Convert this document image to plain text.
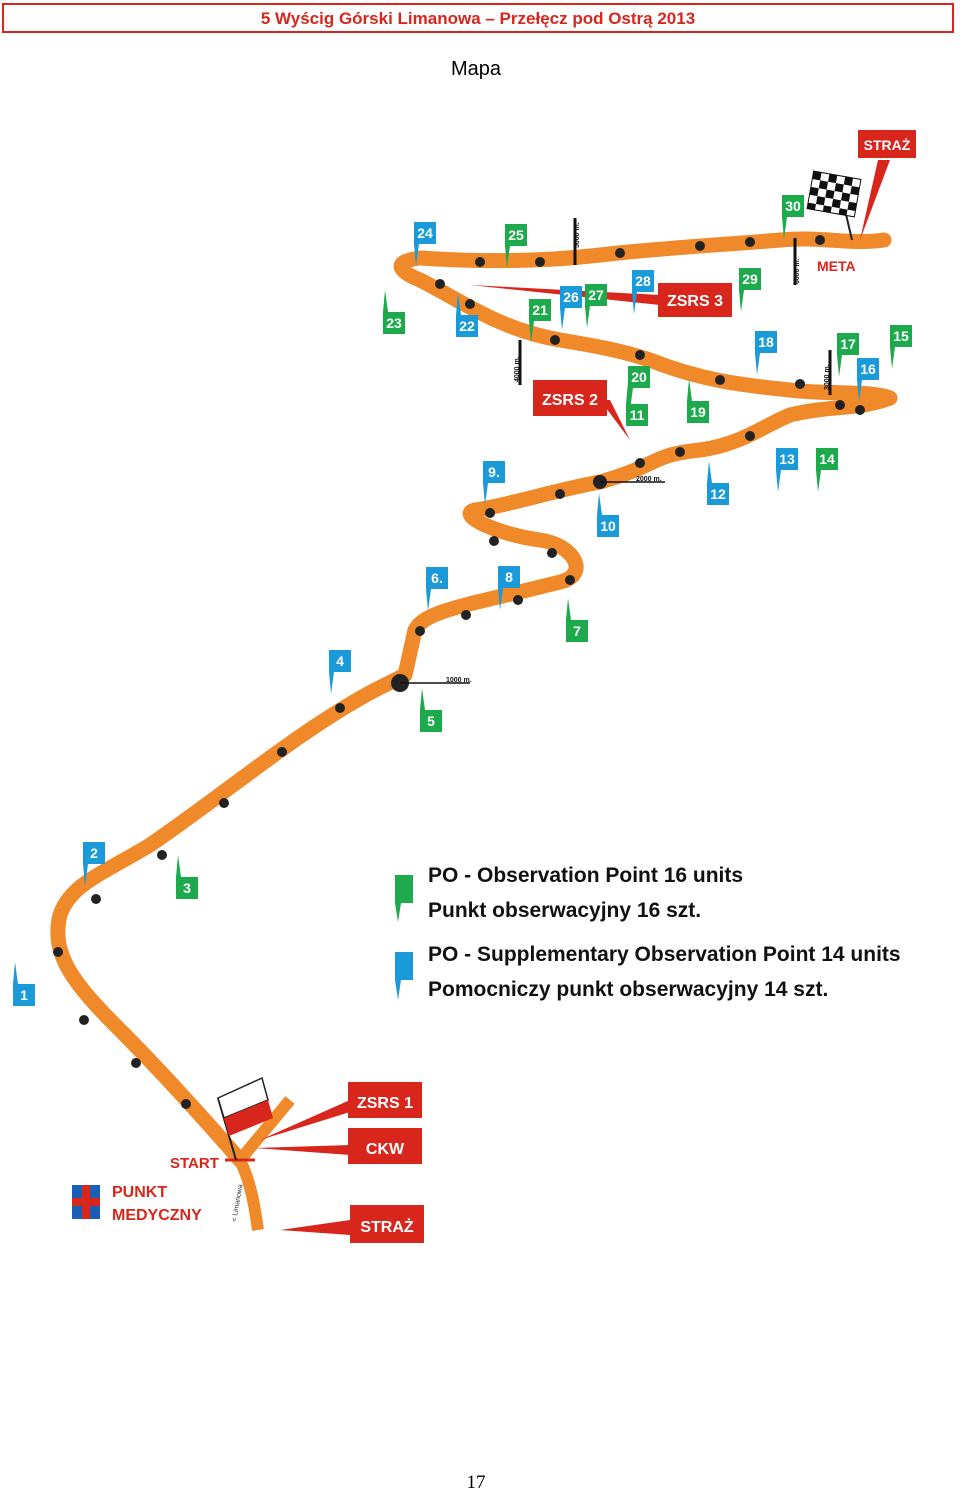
5 Wyścig Górski Limanowa – Przełęcz pod Ostrą 2013
Mapa
1000 m.
2000 m.
3000 m.
4000 m.
5000 m.
6000 m.
STRAŻ
ZSRS 3
ZSRS 2
ZSRS 1
CKW
STRAŻ
META
START
PUNKT
MEDYCZNY	< Limanowa
2
3
4
5
6.
7
8
9.
10
11
12
13 14
15
16
17
18
19
20
21
22
23
24	25
26 27
28	29
30
1
PO - Observation Point 16 units
Punkt obserwacyjny 16 szt.
PO - Supplementary Observation Point 14 units
Pomocniczy punkt obserwacyjny 14 szt.
17
